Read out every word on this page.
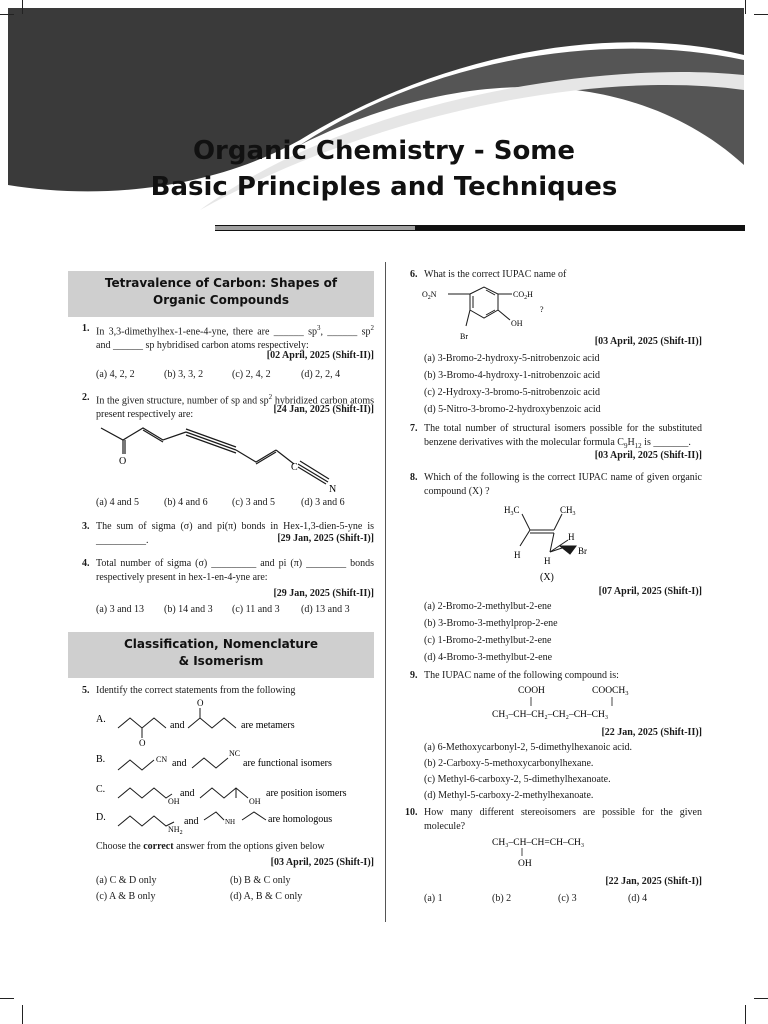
Organic Chemistry - Some
Basic Principles and Techniques
Tetravalence of Carbon: Shapes of
Organic Compounds
1. In 3,3-dimethylhex-1-ene-4-yne, there are ______ $sp^3$, ______ $sp^2$ and ______ sp hybridised carbon atoms respectively:
[02 April, 2025 (Shift-II)]
(a) 4, 2, 2	(b) 3, 3, 2	(c) 2, 4, 2	(d) 2, 2, 4
2. In the given structure, number of sp and $sp^2$ hybridized carbon atoms present respectively are:	[24 Jan, 2025 (Shift-II)]
O
C
N
(a) 4 and 5 (b) 4 and 6 (c) 3 and 5	(d) 3 and 6
3. The sum of sigma (σ) and pi(π) bonds in Hex-1,3-dien-5-yne is __________.	[29 Jan, 2025 (Shift-I)]
4. Total number of sigma (σ) _________ and pi (π) ________ bonds respectively present in hex-1-en-4-yne are:
[29 Jan, 2025 (Shift-II)]
(a) 3 and 13 (b) 14 and 3 (c) 11 and 3 (d) 13 and 3
Classification, Nomenclature
& Isomerism
5. Identify the correct statements from the following
A.
and
O
O
are metamers
B.	CN and
NC
are functional isomers
C.
OH
and
OH
are position isomers
D.
$NH_2$
and	NH	are homologous
Choose the correct answer from the options given below
[03 April, 2025 (Shift-I)]
(a) C & D only	(b) B & C only
(c) A & B only	(d) A, B & C only
6. What is the correct IUPAC name of
$O_2N$	$CO_2H$
OH
Br
?
[03 April, 2025 (Shift-II)]
(a) 3-Bromo-2-hydroxy-5-nitrobenzoic acid
(b) 3-Bromo-4-hydroxy-1-nitrobenzoic acid
(c) 2-Hydroxy-3-bromo-5-nitrobenzoic acid
(d) 5-Nitro-3-bromo-2-hydroxybenzoic acid
7. The total number of structural isomers possible for the substituted benzene derivatives with the molecular formula $C_9H_{12}$ is _______.
[03 April, 2025 (Shift-II)]
8. Which of the following is the correct IUPAC name of given organic compound (X) ?
$H_3C$	$CH_3$
H
H
H
Br
(X)
[07 April, 2025 (Shift-I)]
(a) 2-Bromo-2-methylbut-2-ene
(b) 3-Bromo-3-methylprop-2-ene
(c) 1-Bromo-2-methylbut-2-ene
(d) 4-Bromo-3-methylbut-2-ene
9. The IUPAC name of the following compound is:
COOH	$COOCH_3$
CH₃–CH–CH₂–CH₂–CH–CH₃
[22 Jan, 2025 (Shift-II)]
(a) 6-Methoxycarbonyl-2, 5-dimethylhexanoic acid.
(b) 2-Carboxy-5-methoxycarbonylhexane.
(c) Methyl-6-carboxy-2, 5-dimethylhexanoate.
(d) Methyl-5-carboxy-2-methylhexanoate.
10. How many different stereoisomers are possible for the given molecule?
CH₃–CH–CH=CH–CH₃
OH
[22 Jan, 2025 (Shift-I)]
(a) 1	(b) 2	(c) 3	(d) 4
